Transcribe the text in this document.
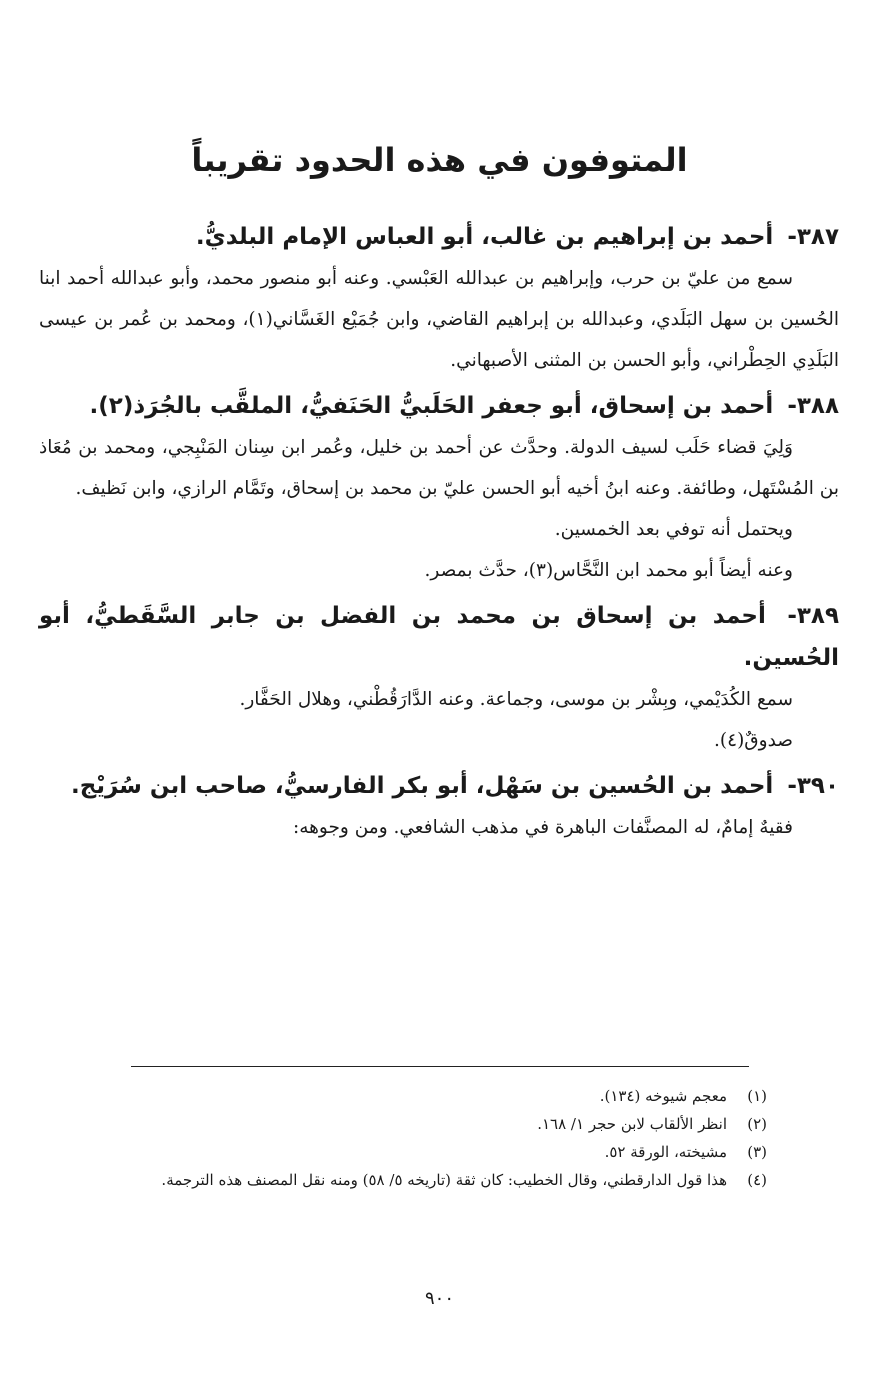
المتوفون في هذه الحدود تقريباً
٣٨٧- أحمد بن إبراهيم بن غالب، أبو العباس الإمام البلديُّ.

سمع من عليّ بن حرب، وإبراهيم بن عبدالله العَبْسي. وعنه أبو منصور محمد، وأبو عبدالله أحمد ابنا الحُسين بن سهل البَلَدي، وعبدالله بن إبراهيم القاضي، وابن جُمَيْع الغَسَّاني(١)، ومحمد بن عُمر بن عيسى البَلَدِي الحِطْراني، وأبو الحسن بن المثنى الأصبهاني.

٣٨٨- أحمد بن إسحاق، أبو جعفر الحَلَبيُّ الحَنَفيُّ، الملقَّب بالجُرَذ(٢).

وَلِيَ قضاء حَلَب لسيف الدولة. وحدَّث عن أحمد بن خليل، وعُمر ابن سِنان المَنْبِجي، ومحمد بن مُعَاذ بن المُسْتَهل، وطائفة. وعنه ابنُ أخيه أبو الحسن عليّ بن محمد بن إسحاق، وتَمَّام الرازي، وابن نَظيف.

ويحتمل أنه توفي بعد الخمسين.

وعنه أيضاً أبو محمد ابن النَّحَّاس(٣)، حدَّث بمصر.

٣٨٩- أحمد بن إسحاق بن محمد بن الفضل بن جابر السَّقَطيُّ، أبو الحُسين.

سمع الكُدَيْمي، وبِشْر بن موسى، وجماعة. وعنه الدَّارَقُطْني، وهلال الحَفَّار.

صدوقٌ(٤).

٣٩٠- أحمد بن الحُسين بن سَهْل، أبو بكر الفارسيُّ، صاحب ابن سُرَيْج.

فقيهٌ إمامٌ، له المصنَّفات الباهرة في مذهب الشافعي. ومن وجوهه:

(١)
معجم شيوخه (١٣٤).
(٢)
انظر الألقاب لابن حجر ١/ ١٦٨.
(٣)
مشيخته، الورقة ٥٢.
(٤)
هذا قول الدارقطني، وقال الخطيب: كان ثقة (تاريخه ٥/ ٥٨) ومنه نقل المصنف هذه الترجمة.
٩٠٠
